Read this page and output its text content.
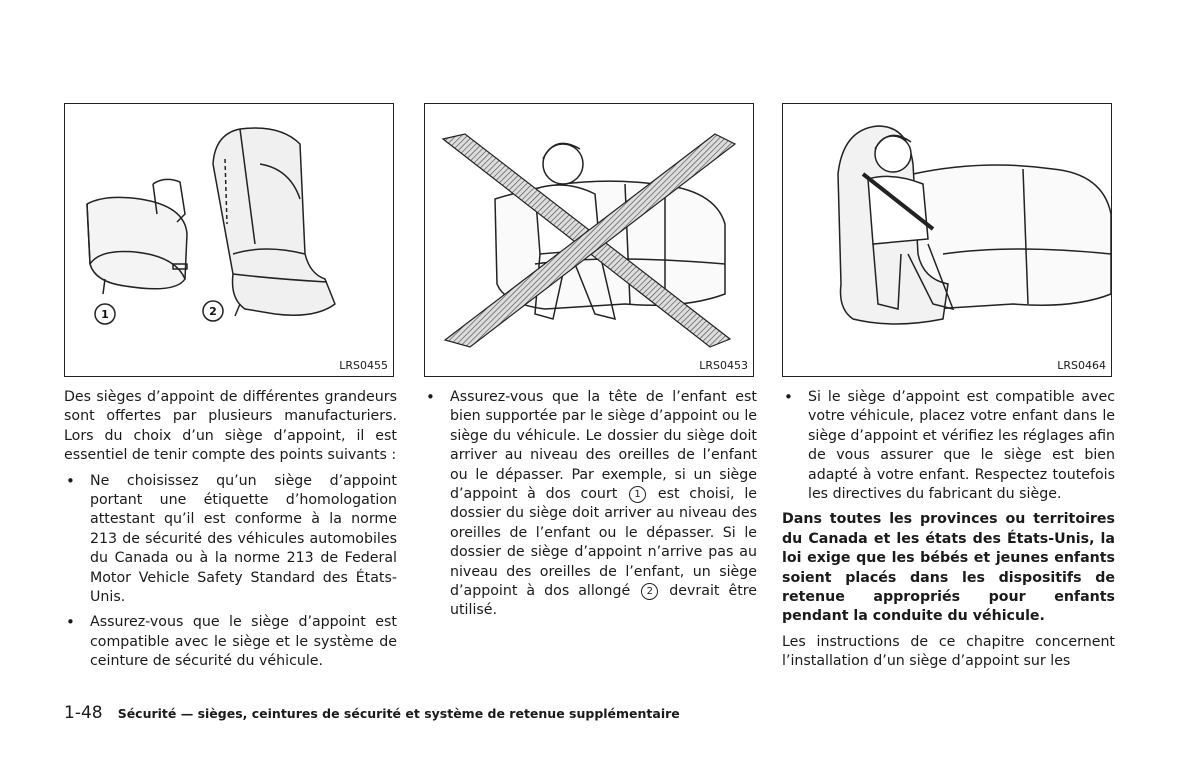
1	2
LRS0455	LRS0453	LRS0464

Des sièges d’appoint de différentes grandeurs sont offertes par plusieurs manufacturiers. Lors du choix d’un siège d’appoint, il est essentiel de tenir compte des points suivants :

• Ne choisissez qu’un siège d’appoint portant une étiquette d’homologation attestant qu’il est conforme à la norme 213 de sécurité des véhicules automobiles du Canada ou à la norme 213 de Federal Motor Vehicle Safety Standard des États-Unis.
• Assurez-vous que le siège d’appoint est compatible avec le siège et le système de ceinture de sécurité du véhicule.
• Assurez-vous que la tête de l’enfant est bien supportée par le siège d’appoint ou le siège du véhicule. Le dossier du siège doit arriver au niveau des oreilles de l’enfant ou le dépasser. Par exemple, si un siège d’appoint à dos court 1 est choisi, le dossier du siège doit arriver au niveau des oreilles de l’enfant ou le dépasser. Si le dossier de siège d’appoint n’arrive pas au niveau des oreilles de l’enfant, un siège d’appoint à dos allongé 2 devrait être utilisé.
• Si le siège d’appoint est compatible avec votre véhicule, placez votre enfant dans le siège d’appoint et vérifiez les réglages afin de vous assurer que le siège est bien adapté à votre enfant. Respectez toutefois les directives du fabricant du siège.

Dans toutes les provinces ou territoires du Canada et les états des États-Unis, la loi exige que les bébés et jeunes enfants soient placés dans les dispositifs de retenue appropriés pour enfants pendant la conduite du véhicule.

Les instructions de ce chapitre concernent l’installation d’un siège d’appoint sur les

1-48 Sécurité — sièges, ceintures de sécurité et système de retenue supplémentaire
